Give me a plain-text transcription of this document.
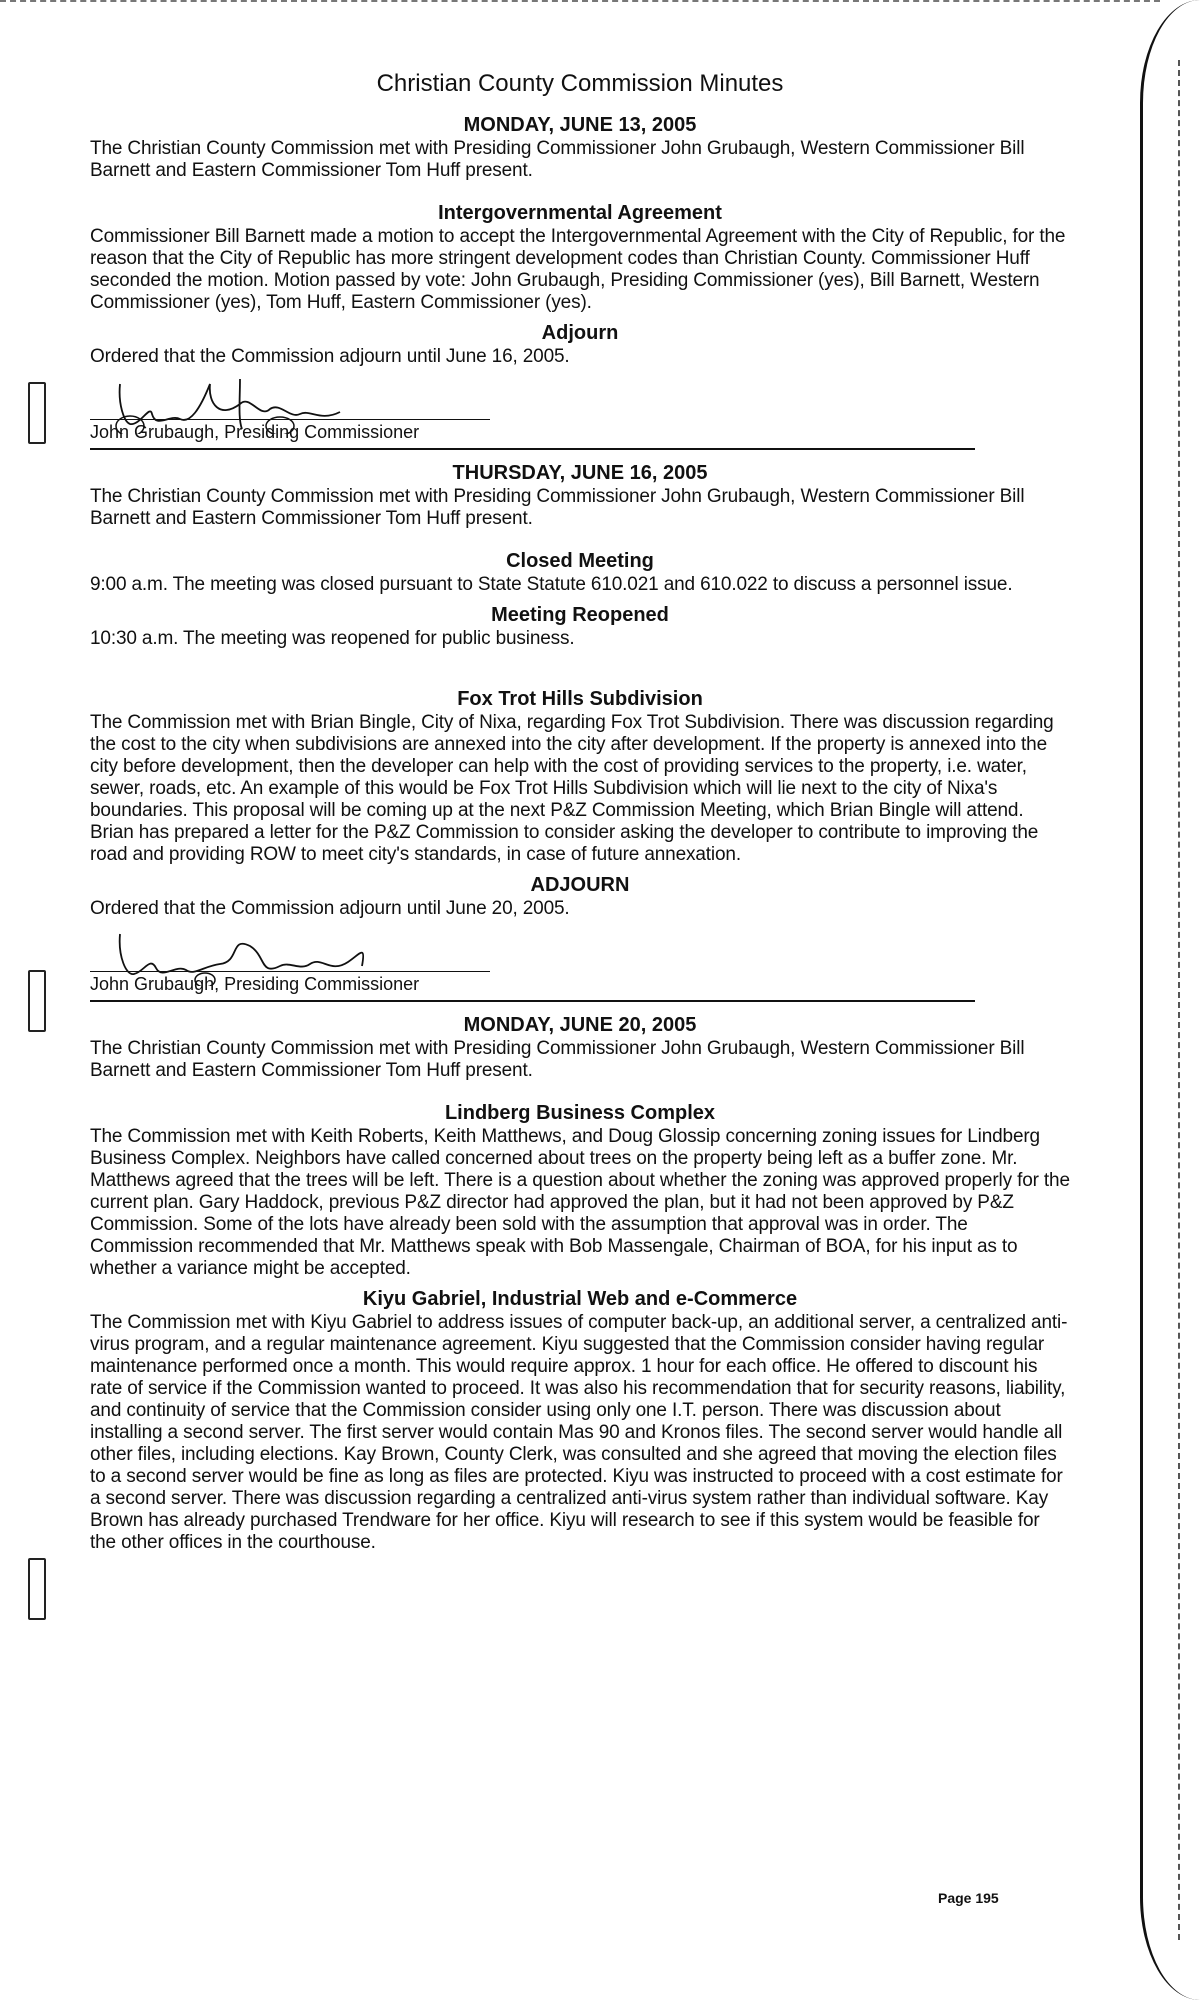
Christian County Commission Minutes
MONDAY, JUNE 13, 2005

The Christian County Commission met with Presiding Commissioner John Grubaugh, Western Commissioner Bill Barnett and Eastern Commissioner Tom Huff present.

Intergovernmental Agreement

Commissioner Bill Barnett made a motion to accept the Intergovernmental Agreement with the City of Republic, for the reason that the City of Republic has more stringent development codes than Christian County. Commissioner Huff seconded the motion. Motion passed by vote: John Grubaugh, Presiding Commissioner (yes), Bill Barnett, Western Commissioner (yes), Tom Huff, Eastern Commissioner (yes).

Adjourn

Ordered that the Commission adjourn until June 16, 2005.

John Grubaugh, Presiding Commissioner
THURSDAY, JUNE 16, 2005

The Christian County Commission met with Presiding Commissioner John Grubaugh, Western Commissioner Bill Barnett and Eastern Commissioner Tom Huff present.

Closed Meeting

9:00 a.m. The meeting was closed pursuant to State Statute 610.021 and 610.022 to discuss a personnel issue.

Meeting Reopened

10:30 a.m. The meeting was reopened for public business.

Fox Trot Hills Subdivision

The Commission met with Brian Bingle, City of Nixa, regarding Fox Trot Subdivision. There was discussion regarding the cost to the city when subdivisions are annexed into the city after development. If the property is annexed into the city before development, then the developer can help with the cost of providing services to the property, i.e. water, sewer, roads, etc. An example of this would be Fox Trot Hills Subdivision which will lie next to the city of Nixa's boundaries. This proposal will be coming up at the next P&Z Commission Meeting, which Brian Bingle will attend. Brian has prepared a letter for the P&Z Commission to consider asking the developer to contribute to improving the road and providing ROW to meet city's standards, in case of future annexation.

ADJOURN

Ordered that the Commission adjourn until June 20, 2005.

John Grubaugh, Presiding Commissioner
MONDAY, JUNE 20, 2005

The Christian County Commission met with Presiding Commissioner John Grubaugh, Western Commissioner Bill Barnett and Eastern Commissioner Tom Huff present.

Lindberg Business Complex

The Commission met with Keith Roberts, Keith Matthews, and Doug Glossip concerning zoning issues for Lindberg Business Complex. Neighbors have called concerned about trees on the property being left as a buffer zone. Mr. Matthews agreed that the trees will be left. There is a question about whether the zoning was approved properly for the current plan. Gary Haddock, previous P&Z director had approved the plan, but it had not been approved by P&Z Commission. Some of the lots have already been sold with the assumption that approval was in order. The Commission recommended that Mr. Matthews speak with Bob Massengale, Chairman of BOA, for his input as to whether a variance might be accepted.

Kiyu Gabriel, Industrial Web and e-Commerce

The Commission met with Kiyu Gabriel to address issues of computer back-up, an additional server, a centralized anti-virus program, and a regular maintenance agreement. Kiyu suggested that the Commission consider having regular maintenance performed once a month. This would require approx. 1 hour for each office. He offered to discount his rate of service if the Commission wanted to proceed. It was also his recommendation that for security reasons, liability, and continuity of service that the Commission consider using only one I.T. person. There was discussion about installing a second server. The first server would contain Mas 90 and Kronos files. The second server would handle all other files, including elections. Kay Brown, County Clerk, was consulted and she agreed that moving the election files to a second server would be fine as long as files are protected. Kiyu was instructed to proceed with a cost estimate for a second server. There was discussion regarding a centralized anti-virus system rather than individual software. Kay Brown has already purchased Trendware for her office. Kiyu will research to see if this system would be feasible for the other offices in the courthouse.

Page 195
